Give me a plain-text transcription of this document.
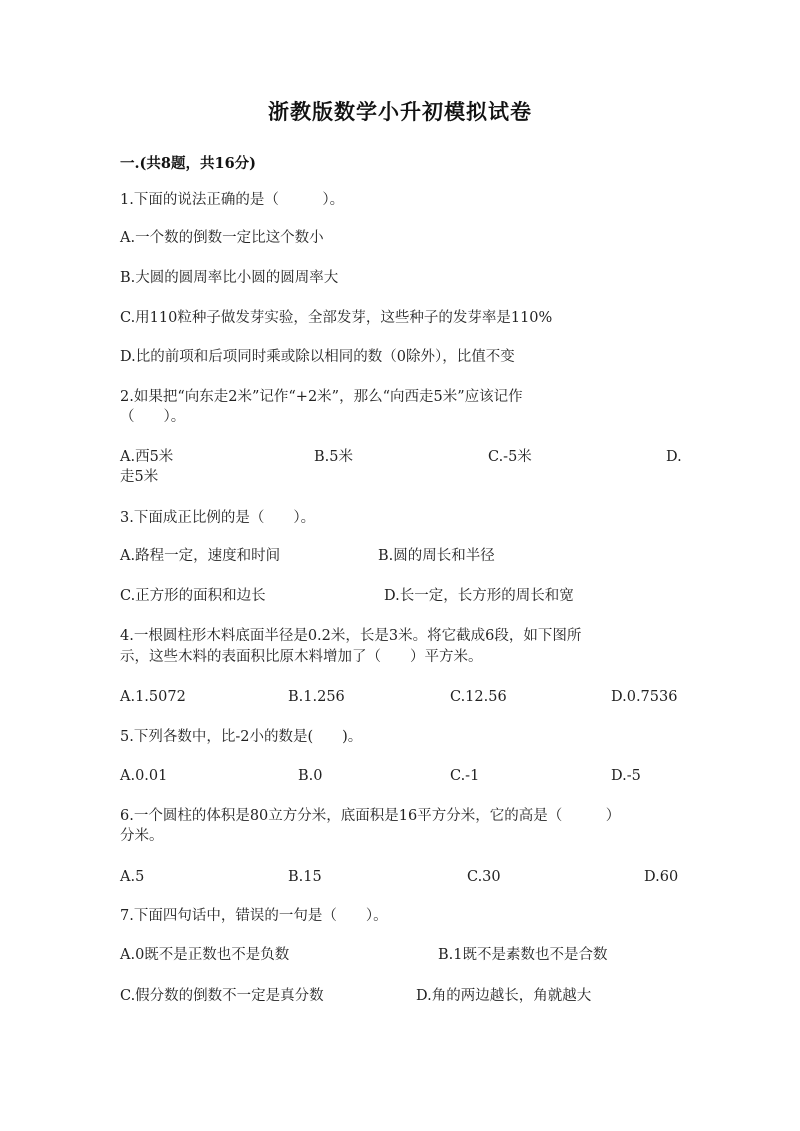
浙教版数学小升初模拟试卷
一.(共8题，共16分)
1.下面的说法正确的是（　　　）。
A.一个数的倒数一定比这个数小
B.大圆的圆周率比小圆的圆周率大
C.用110粒种子做发芽实验，全部发芽，这些种子的发芽率是110%
D.比的前项和后项同时乘或除以相同的数（0除外），比值不变
2.如果把“向东走2米”记作“+2米”，那么“向西走5米”应该记作
（　　）。
A.西5米	B.5米	C.-5米	D.
走5米
3.下面成正比例的是（　　）。
A.路程一定，速度和时间	B.圆的周长和半径
C.正方形的面积和边长	D.长一定，长方形的周长和宽
4.一根圆柱形木料底面半径是0.2米，长是3米。将它截成6段，如下图所
示，这些木料的表面积比原木料增加了（　　）平方米。
A.1.5072	B.1.256	C.12.56	D.0.7536
5.下列各数中，比-2小的数是(　　)。
A.0.01	B.0	C.-1	D.-5
6.一个圆柱的体积是80立方分米，底面积是16平方分米，它的高是（　　　）
分米。
A.5	B.15	C.30	D.60
7.下面四句话中，错误的一句是（　　）。
A.0既不是正数也不是负数	B.1既不是素数也不是合数
C.假分数的倒数不一定是真分数	D.角的两边越长，角就越大
